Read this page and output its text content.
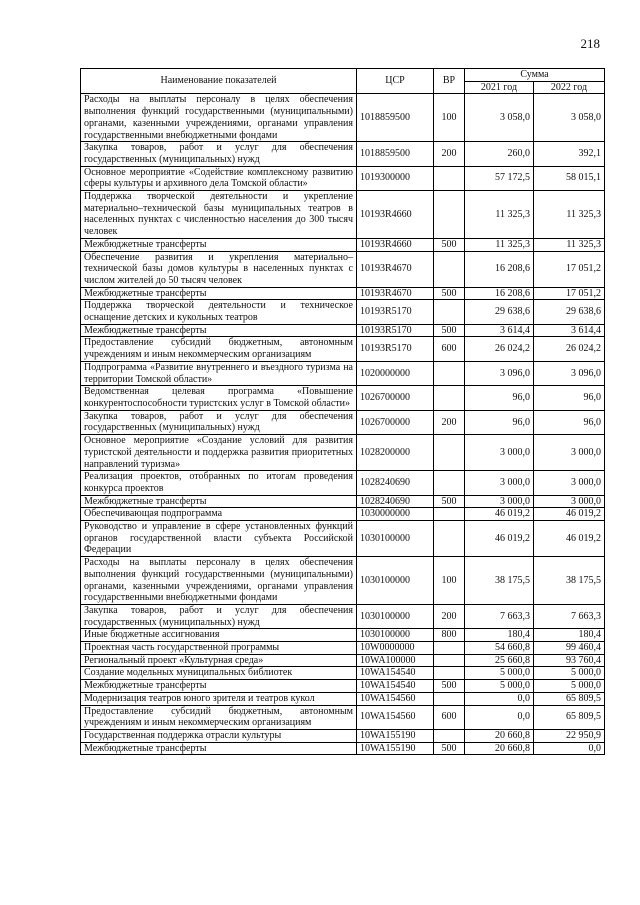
218
Наименование показателей	ЦСР	ВР	Сумма	
			2021 год	2022 год
Расходы на выплаты персоналу в целях обеспечения выполнения функций государственными (муниципальными) органами, казенными учреждениями, органами управления государственными внебюджетными фондами	1018859500	100	3 058,0	3 058,0
Закупка товаров, работ и услуг для обеспечения государственных (муниципальных) нужд	1018859500	200	260,0	392,1
Основное мероприятие «Содействие комплексному развитию сферы культуры и архивного дела Томской области»	1019300000		57 172,5	58 015,1
Поддержка творческой деятельности и укрепление материально–технической базы муниципальных театров в населенных пунктах с численностью населения до 300 тысяч человек	10193R4660		11 325,3	11 325,3
Межбюджетные трансферты	10193R4660	500	11 325,3	11 325,3
Обеспечение развития и укрепления материально–технической базы домов культуры в населенных пунктах с числом жителей до 50 тысяч человек	10193R4670		16 208,6	17 051,2
Межбюджетные трансферты	10193R4670	500	16 208,6	17 051,2
Поддержка творческой деятельности и техническое оснащение детских и кукольных театров	10193R5170		29 638,6	29 638,6
Межбюджетные трансферты	10193R5170	500	3 614,4	3 614,4
Предоставление субсидий бюджетным, автономным учреждениям и иным некоммерческим организациям	10193R5170	600	26 024,2	26 024,2
Подпрограмма «Развитие внутреннего и въездного туризма на территории Томской области»	1020000000		3 096,0	3 096,0
Ведомственная целевая программа «Повышение конкурентоспособности туристских услуг в Томской области»	1026700000		96,0	96,0
Закупка товаров, работ и услуг для обеспечения государственных (муниципальных) нужд	1026700000	200	96,0	96,0
Основное мероприятие «Создание условий для развития туристской деятельности и поддержка развития приоритетных направлений туризма»	1028200000		3 000,0	3 000,0
Реализация проектов, отобранных по итогам проведения конкурса проектов	1028240690		3 000,0	3 000,0
Межбюджетные трансферты	1028240690	500	3 000,0	3 000,0
Обеспечивающая подпрограмма	1030000000		46 019,2	46 019,2
Руководство и управление в сфере установленных функций органов государственной власти субъекта Российской Федерации	1030100000		46 019,2	46 019,2
Расходы на выплаты персоналу в целях обеспечения выполнения функций государственными (муниципальными) органами, казенными учреждениями, органами управления государственными внебюджетными фондами	1030100000	100	38 175,5	38 175,5
Закупка товаров, работ и услуг для обеспечения государственных (муниципальных) нужд	1030100000	200	7 663,3	7 663,3
Иные бюджетные ассигнования	1030100000	800	180,4	180,4
Проектная часть государственной программы	10W0000000		54 660,8	99 460,4
Региональный проект «Культурная среда»	10WA100000		25 660,8	93 760,4
Создание модельных муниципальных библиотек	10WA154540		5 000,0	5 000,0
Межбюджетные трансферты	10WA154540	500	5 000,0	5 000,0
Модернизация театров юного зрителя и театров кукол	10WA154560		0,0	65 809,5
Предоставление субсидий бюджетным, автономным учреждениям и иным некоммерческим организациям	10WA154560	600	0,0	65 809,5
Государственная поддержка отрасли культуры	10WA155190		20 660,8	22 950,9
Межбюджетные трансферты	10WA155190	500	20 660,8	0,0
